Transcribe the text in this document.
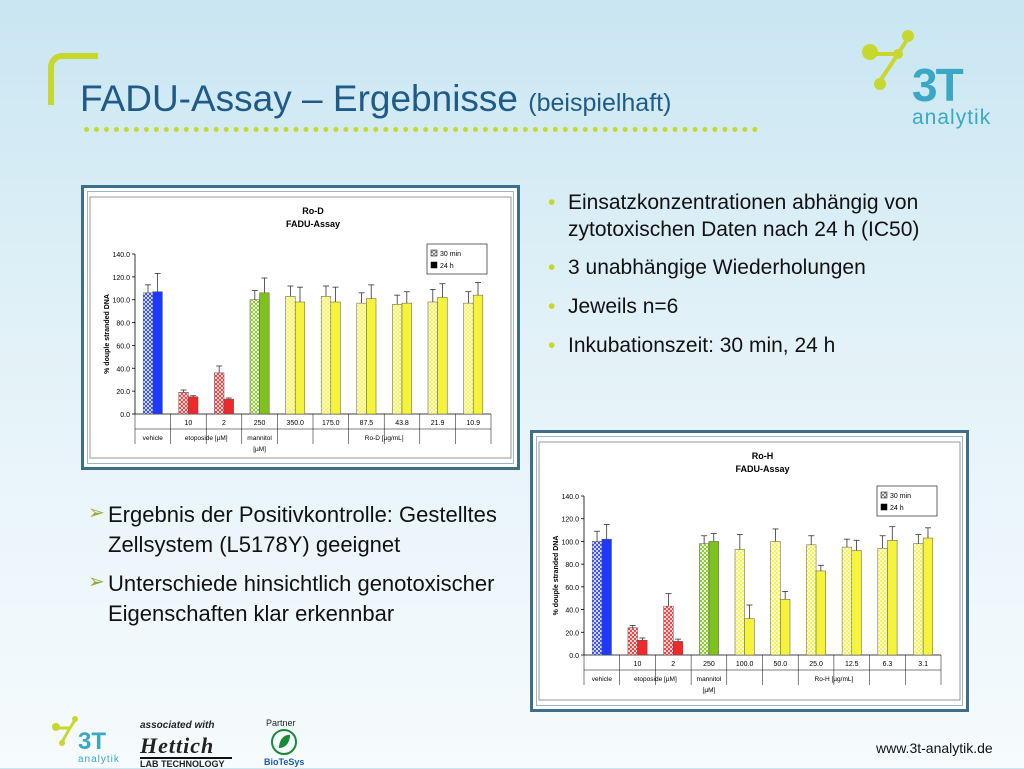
FADU-Assay – Ergebnisse (beispielhaft)	3T
analytik
Ro-D
FADU-Assay
0.0
20.0
40.0
60.0
80.0
100.0
120.0
140.0
% douple stranded DNA
10	2	250	350.0	175.0	87.5	43.8	21.9	10.9
vehicle	etoposide [µM]	mannitol
[µM]
Ro-D [µg/mL]
30 min
24 h
Ro-H
FADU-Assay
0.0
20.0
40.0
60.0
80.0
100.0
120.0
140.0
% douple stranded DNA
10	2	250	100.0	50.0	25.0	12.5	6.3	3.1
vehicle	etoposide [µM]	mannitol
[µM]
Ro-H [µg/mL]
30 min
24 h
• Einsatzkonzentrationen abhängig von zytotoxischen Daten nach 24 h (IC50)
• 3 unabhängige Wiederholungen
• Jeweils n=6
• Inkubationszeit: 30 min, 24 h
➢ Ergebnis der Positivkontrolle: Gestelltes Zellsystem (L5178Y) geeignet
➢ Unterschiede hinsichtlich genotoxischer Eigenschaften klar erkennbar
3T
analytik
associated with
Hettich
LAB TECHNOLOGY
Partner
BioTeSys
www.3t-analytik.de
